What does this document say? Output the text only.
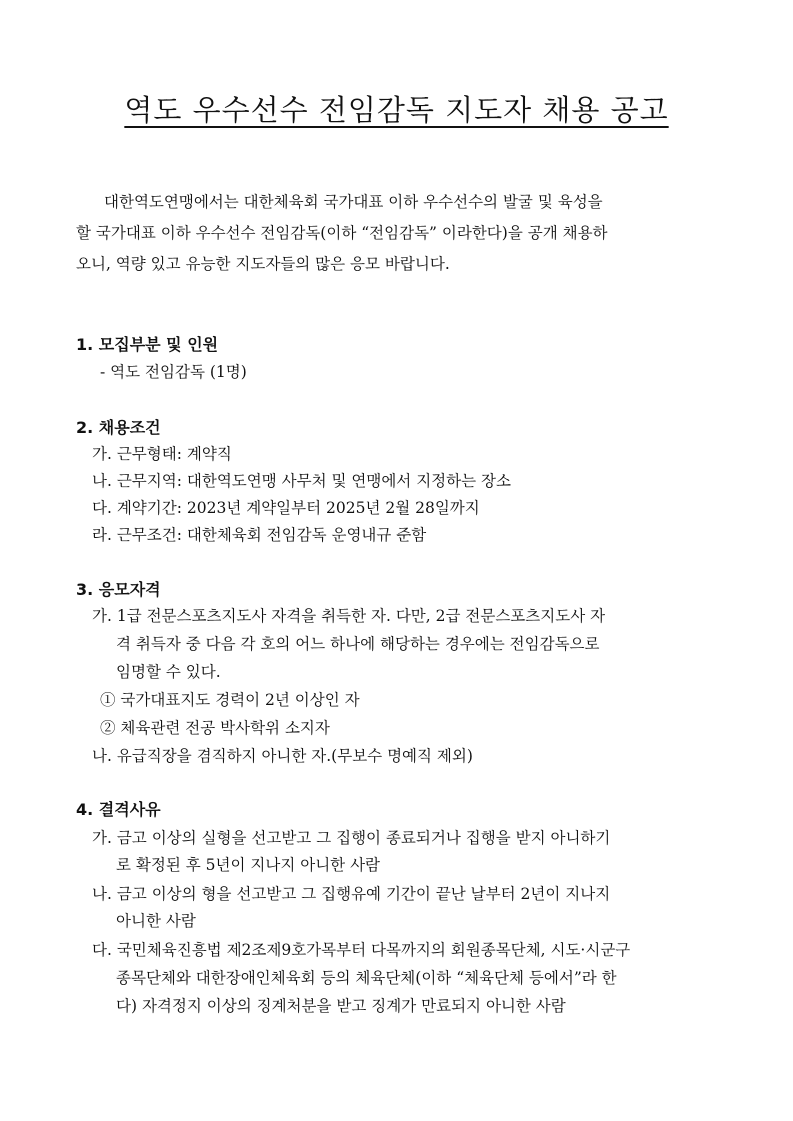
역도 우수선수 전임감독 지도자 채용 공고
대한역도연맹에서는 대한체육회 국가대표 이하 우수선수의 발굴 및 육성을
할 국가대표 이하 우수선수 전임감독(이하 “전임감독” 이라한다)을 공개 채용하
오니, 역량 있고 유능한 지도자들의 많은 응모 바랍니다.
1. 모집부분 및 인원
- 역도 전임감독 (1명)
2. 채용조건
가. 근무형태: 계약직
나. 근무지역: 대한역도연맹 사무처 및 연맹에서 지정하는 장소
다. 계약기간: 2023년 계약일부터 2025년 2월 28일까지
라. 근무조건: 대한체육회 전임감독 운영내규 준함
3. 응모자격
가. 1급 전문스포츠지도사 자격을 취득한 자. 다만, 2급 전문스포츠지도사 자
격 취득자 중 다음 각 호의 어느 하나에 해당하는 경우에는 전임감독으로
임명할 수 있다.
① 국가대표지도 경력이 2년 이상인 자
② 체육관련 전공 박사학위 소지자
나. 유급직장을 겸직하지 아니한 자.(무보수 명예직 제외)
4. 결격사유
가. 금고 이상의 실형을 선고받고 그 집행이 종료되거나 집행을 받지 아니하기
로 확정된 후 5년이 지나지 아니한 사람
나. 금고 이상의 형을 선고받고 그 집행유예 기간이 끝난 날부터 2년이 지나지
아니한 사람
다. 국민체육진흥법 제2조제9호가목부터 다목까지의 회원종목단체, 시도·시군구
종목단체와 대한장애인체육회 등의 체육단체(이하 “체육단체 등에서”라 한
다) 자격정지 이상의 징계처분을 받고 징계가 만료되지 아니한 사람
